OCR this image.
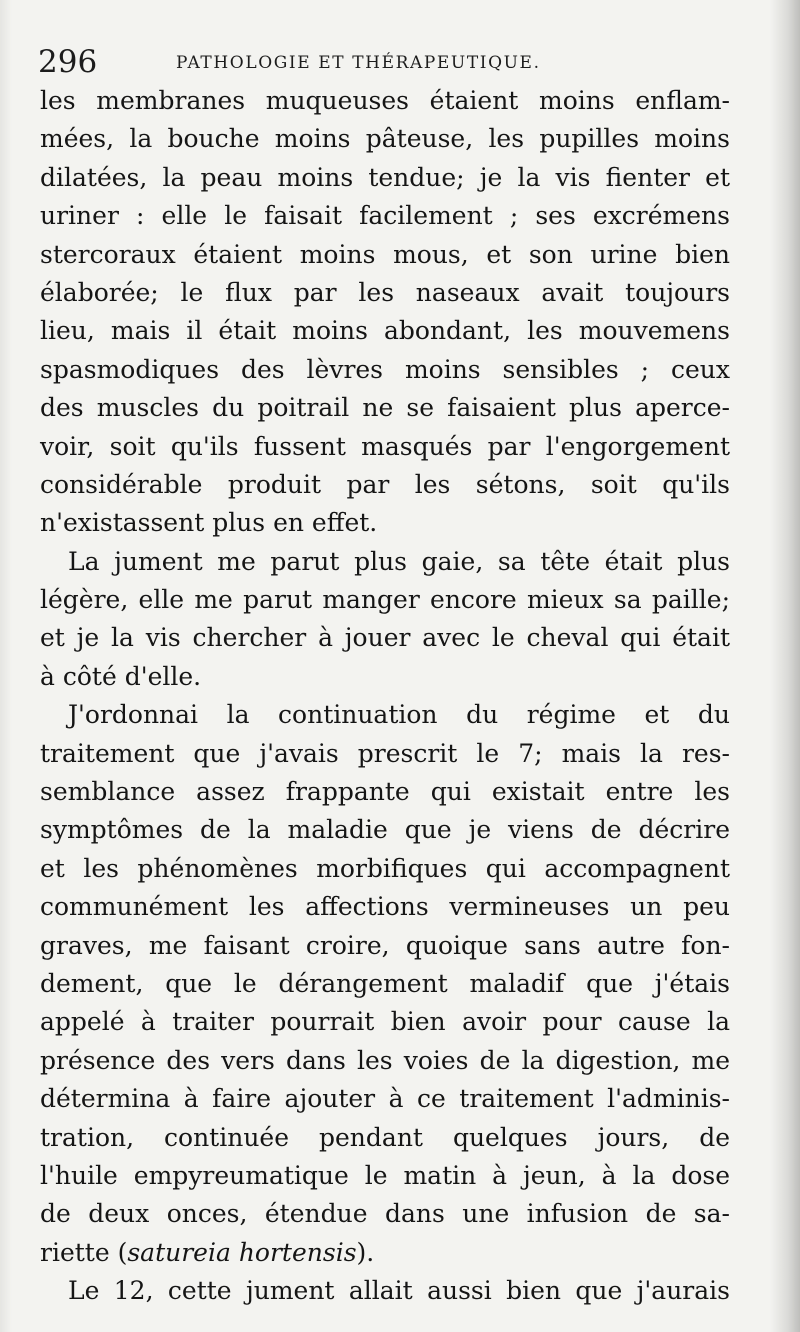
296	PATHOLOGIE ET THÉRAPEUTIQUE.
les membranes muqueuses étaient moins enflam-
mées, la bouche moins pâteuse, les pupilles moins
dilatées, la peau moins tendue; je la vis fienter et
uriner : elle le faisait facilement ; ses excrémens
stercoraux étaient moins mous, et son urine bien
élaborée; le flux par les naseaux avait toujours
lieu, mais il était moins abondant, les mouvemens
spasmodiques des lèvres moins sensibles ; ceux
des muscles du poitrail ne se faisaient plus aperce-
voir, soit qu'ils fussent masqués par l'engorgement
considérable produit par les sétons, soit qu'ils
n'existassent plus en effet.
La jument me parut plus gaie, sa tête était plus
légère, elle me parut manger encore mieux sa paille;
et je la vis chercher à jouer avec le cheval qui était
à côté d'elle.
J'ordonnai la continuation du régime et du
traitement que j'avais prescrit le 7; mais la res-
semblance assez frappante qui existait entre les
symptômes de la maladie que je viens de décrire
et les phénomènes morbifiques qui accompagnent
communément les affections vermineuses un peu
graves, me faisant croire, quoique sans autre fon-
dement, que le dérangement maladif que j'étais
appelé à traiter pourrait bien avoir pour cause la
présence des vers dans les voies de la digestion, me
détermina à faire ajouter à ce traitement l'adminis-
tration, continuée pendant quelques jours, de
l'huile empyreumatique le matin à jeun, à la dose
de deux onces, étendue dans une infusion de sa-
riette (satureia hortensis).
Le 12, cette jument allait aussi bien que j'aurais
